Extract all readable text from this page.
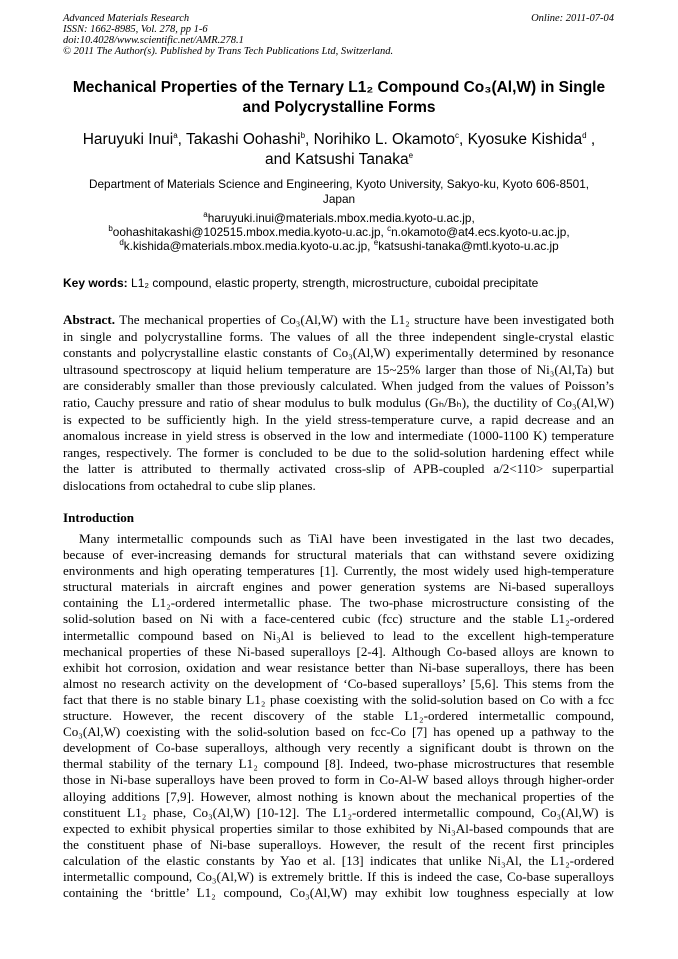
Advanced Materials Research
ISSN: 1662-8985, Vol. 278, pp 1-6
doi:10.4028/www.scientific.net/AMR.278.1
© 2011 The Author(s). Published by Trans Tech Publications Ltd, Switzerland.
Online: 2011-07-04
Mechanical Properties of the Ternary L1₂ Compound Co₃(Al,W) in Single
and Polycrystalline Forms
Haruyuki Inui$^a$, Takashi Oohashi$^b$, Norihiko L. Okamoto$^c$, Kyosuke Kishida$^d$ ,
and Katsushi Tanaka$^e$
Department of Materials Science and Engineering, Kyoto University, Sakyo-ku, Kyoto 606-8501,
Japan
$^a$haruyuki.inui@materials.mbox.media.kyoto-u.ac.jp,
$^b$oohashitakashi@102515.mbox.media.kyoto-u.ac.jp, $^c$n.okamoto@at4.ecs.kyoto-u.ac.jp,
$^d$k.kishida@materials.mbox.media.kyoto-u.ac.jp, $^e$katsushi-tanaka@mtl.kyoto-u.ac.jp
Key words: L1₂ compound, elastic property, strength, microstructure, cuboidal precipitate
Abstract. The mechanical properties of Co₃(Al,W) with the L1₂ structure have been investigated both
in single and polycrystalline forms. The values of all the three independent single-crystal elastic
constants and polycrystalline elastic constants of Co₃(Al,W) experimentally determined by resonance
ultrasound spectroscopy at liquid helium temperature are 15~25% larger than those of Ni₃(Al,Ta) but
are considerably smaller than those previously calculated. When judged from the values of Poisson’s
ratio, Cauchy pressure and ratio of shear modulus to bulk modulus (Gₕ/Bₕ), the ductility of Co₃(Al,W)
is expected to be sufficiently high. In the yield stress-temperature curve, a rapid decrease and an
anomalous increase in yield stress is observed in the low and intermediate (1000-1100 K) temperature
ranges, respectively. The former is concluded to be due to the solid-solution hardening effect while
the latter is attributed to thermally activated cross-slip of APB-coupled a/2<110> superpartial
dislocations from octahedral to cube slip planes.
Introduction
Many intermetallic compounds such as TiAl have been investigated in the last two decades,
because of ever-increasing demands for structural materials that can withstand severe oxidizing
environments and high operating temperatures [1]. Currently, the most widely used high-temperature
structural materials in aircraft engines and power generation systems are Ni-based superalloys
containing the L1₂-ordered intermetallic phase. The two-phase microstructure consisting of the
solid-solution based on Ni with a face-centered cubic (fcc) structure and the stable L1₂-ordered
intermetallic compound based on Ni₃Al is believed to lead to the excellent high-temperature
mechanical properties of these Ni-based superalloys [2-4]. Although Co-based alloys are known to
exhibit hot corrosion, oxidation and wear resistance better than Ni-base superalloys, there has been
almost no research activity on the development of ‘Co-based superalloys’ [5,6]. This stems from the
fact that there is no stable binary L1₂ phase coexisting with the solid-solution based on Co with a fcc
structure. However, the recent discovery of the stable L1₂-ordered intermetallic compound,
Co₃(Al,W) coexisting with the solid-solution based on fcc-Co [7] has opened up a pathway to the
development of Co-base superalloys, although very recently a significant doubt is thrown on the
thermal stability of the ternary L1₂ compound [8]. Indeed, two-phase microstructures that resemble
those in Ni-base superalloys have been proved to form in Co-Al-W based alloys through higher-order
alloying additions [7,9]. However, almost nothing is known about the mechanical properties of the
constituent L1₂ phase, Co₃(Al,W) [10-12]. The L1₂-ordered intermetallic compound, Co₃(Al,W) is
expected to exhibit physical properties similar to those exhibited by Ni₃Al-based compounds that are
the constituent phase of Ni-base superalloys. However, the result of the recent first principles
calculation of the elastic constants by Yao et al. [13] indicates that unlike Ni₃Al, the L1₂-ordered
intermetallic compound, Co₃(Al,W) is extremely brittle. If this is indeed the case, Co-base superalloys
containing the ‘brittle’ L1₂ compound, Co₃(Al,W) may exhibit low toughness especially at low
